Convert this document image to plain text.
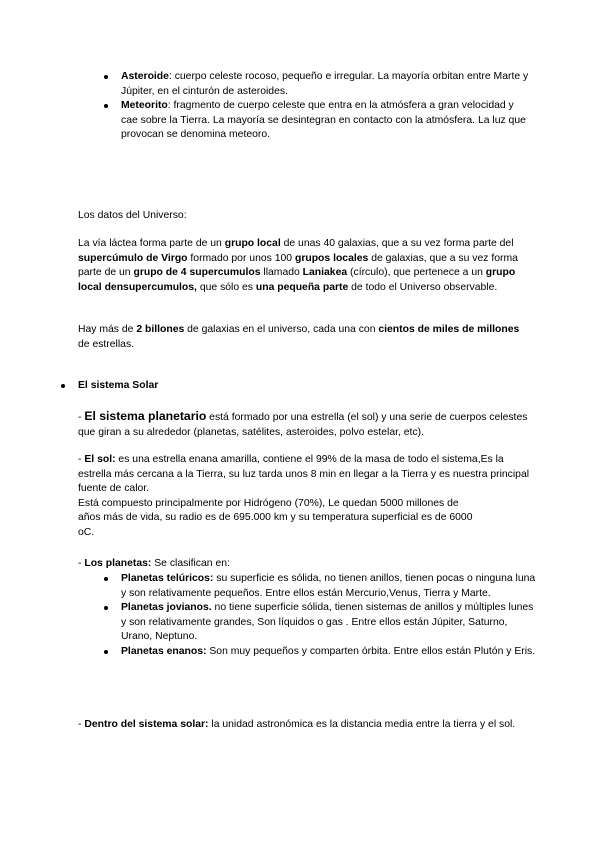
Asteroide: cuerpo celeste rocoso, pequeño e irregular. La mayoría orbitan entre Marte y Júpiter, en el cinturón de asteroides.
Meteorito: fragmento de cuerpo celeste que entra en la atmósfera a gran velocidad y cae sobre la Tierra. La mayoría se desintegran en contacto con la atmósfera. La luz que provocan se denomina meteoro.

Los datos del Universo:

La vía láctea forma parte de un grupo local de unas 40 galaxias, que a su vez forma parte del supercúmulo de Virgo formado por unos 100 grupos locales de galaxias, que a su vez forma parte de un grupo de 4 supercumulos llamado Laniakea (círculo), que pertenece a un grupo local densupercumulos, que sólo es una pequeña parte de todo el Universo observable.

Hay más de 2 billones de galaxias en el universo, cada una con cientos de miles de millones de estrellas.

El sistema Solar

- El sistema planetario está formado por una estrella (el sol) y una serie de cuerpos celestes que giran a su alrededor (planetas, satélites, asteroides, polvo estelar, etc).

- El sol: es una estrella enana amarilla, contiene el 99% de la masa de todo el sistema,Es la estrella más cercana a la Tierra, su luz tarda unos 8 min en llegar a la Tierra y es nuestra principal fuente de calor.

Está compuesto principalmente por Hidrógeno (70%), Le quedan 5000 millones de años más de vida, su radio es de 695.000 km y su temperatura superficial es de 6000 oC.

- Los planetas: Se clasifican en:

Planetas telúricos: su superficie es sólida, no tienen anillos, tienen pocas o ninguna luna y son relativamente pequeños. Entre ellos están Mercurio,Venus, Tierra y Marte.
Planetas jovianos. no tiene superficie sólida, tienen sistemas de anillos y múltiples lunes y son relativamente grandes, Son líquidos o gas . Entre ellos están Júpiter, Saturno, Urano, Neptuno.
Planetas enanos: Son muy pequeños y comparten órbita. Entre ellos están Plutón y Eris.

- Dentro del sistema solar: la unidad astronómica es la distancia media entre la tierra y el sol.
